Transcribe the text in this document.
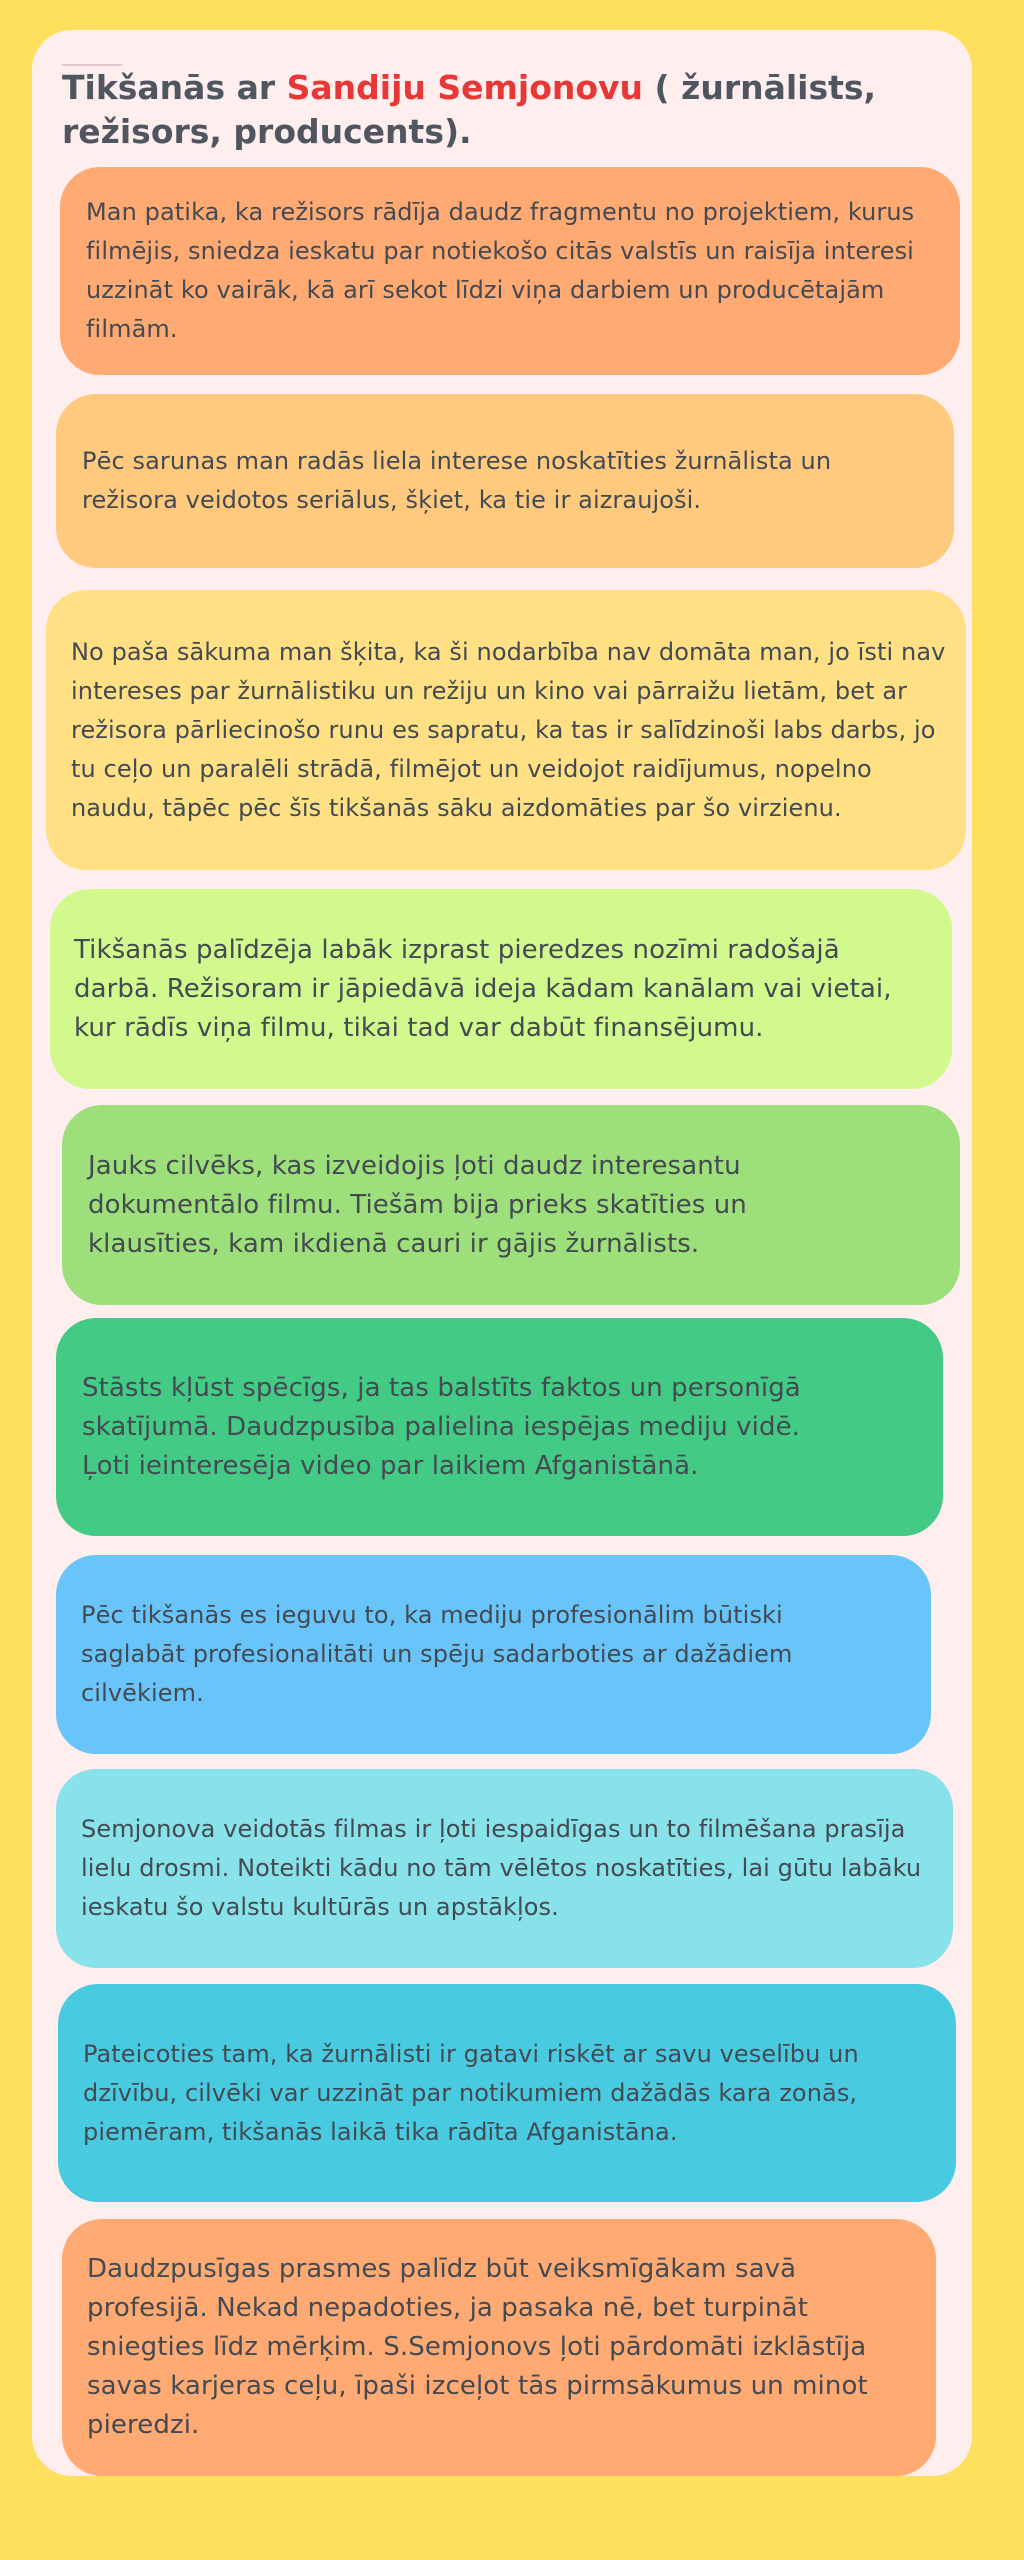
Tikšanās ar Sandiju Semjonovu ( žurnālists, režisors, producents).

Man patika, ka režisors rādīja daudz fragmentu no projektiem, kurus filmējis, sniedza ieskatu par notiekošo citās valstīs un raisīja interesi uzzināt ko vairāk, kā arī sekot līdzi viņa darbiem un producētajām filmām.

Pēc sarunas man radās liela interese noskatīties žurnālista un režisora veidotos seriālus, šķiet, ka tie ir aizraujoši.

No paša sākuma man šķita, ka ši nodarbība nav domāta man, jo īsti nav intereses par žurnālistiku un režiju un kino vai pārraižu lietām, bet ar režisora pārliecinošo runu es sapratu, ka tas ir salīdzinoši labs darbs, jo tu ceļo un paralēli strādā, filmējot un veidojot raidījumus, nopelno naudu, tāpēc pēc šīs tikšanās sāku aizdomāties par šo virzienu.

Tikšanās palīdzēja labāk izprast pieredzes nozīmi radošajā darbā. Režisoram ir jāpiedāvā ideja kādam kanālam vai vietai, kur rādīs viņa filmu, tikai tad var dabūt finansējumu.

Jauks cilvēks, kas izveidojis ļoti daudz interesantu dokumentālo filmu. Tiešām bija prieks skatīties un klausīties, kam ikdienā cauri ir gājis žurnālists.

Stāsts kļūst spēcīgs, ja tas balstīts faktos un personīgā skatījumā. Daudzpusība palielina iespējas mediju vidē.
Ļoti ieinteresēja video par laikiem Afganistānā.

Pēc tikšanās es ieguvu to, ka mediju profesionālim būtiski saglabāt profesionalitāti un spēju sadarboties ar dažādiem cilvēkiem.

Semjonova veidotās filmas ir ļoti iespaidīgas un to filmēšana prasīja lielu drosmi. Noteikti kādu no tām vēlētos noskatīties, lai gūtu labāku ieskatu šo valstu kultūrās un apstākļos.

Pateicoties tam, ka žurnālisti ir gatavi riskēt ar savu veselību un dzīvību, cilvēki var uzzināt par notikumiem dažādās kara zonās, piemēram, tikšanās laikā tika rādīta Afganistāna.

Daudzpusīgas prasmes palīdz būt veiksmīgākam savā profesijā. Nekad nepadoties, ja pasaka nē, bet turpināt sniegties līdz mērķim. S.Semjonovs ļoti pārdomāti izklāstīja savas karjeras ceļu, īpaši izceļot tās pirmsākumus un minot pieredzi.
